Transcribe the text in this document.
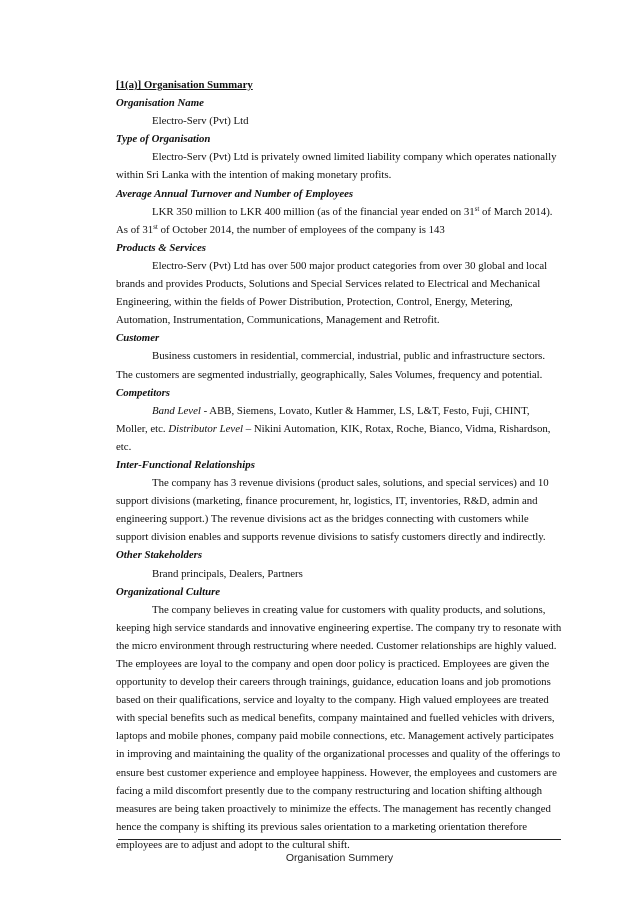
[1(a)] Organisation Summary
Organisation Name
Electro-Serv (Pvt) Ltd
Type of Organisation
Electro-Serv (Pvt) Ltd is privately owned limited liability company which operates nationally within Sri Lanka with the intention of making monetary profits.
Average Annual Turnover and Number of Employees
LKR 350 million to LKR 400 million (as of the financial year ended on 31st of March 2014). As of 31st of October 2014, the number of employees of the company is 143
Products & Services
Electro-Serv (Pvt) Ltd has over 500 major product categories from over 30 global and local brands and provides Products, Solutions and Special Services related to Electrical and Mechanical Engineering, within the fields of Power Distribution, Protection, Control, Energy, Metering, Automation, Instrumentation, Communications, Management and Retrofit.
Customer
Business customers in residential, commercial, industrial, public and infrastructure sectors. The customers are segmented industrially, geographically, Sales Volumes, frequency and potential.
Competitors
Band Level - ABB, Siemens, Lovato, Kutler & Hammer, LS, L&T, Festo, Fuji, CHINT, Moller, etc. Distributor Level – Nikini Automation, KIK, Rotax, Roche, Bianco, Vidma, Rishardson, etc.
Inter-Functional Relationships
The company has 3 revenue divisions (product sales, solutions, and special services) and 10 support divisions (marketing, finance procurement, hr, logistics, IT, inventories, R&D, admin and engineering support.) The revenue divisions act as the bridges connecting with customers while support division enables and supports revenue divisions to satisfy customers directly and indirectly.
Other Stakeholders
Brand principals, Dealers, Partners
Organizational Culture
The company believes in creating value for customers with quality products, and solutions, keeping high service standards and innovative engineering expertise. The company try to resonate with the micro environment through restructuring where needed. Customer relationships are highly valued. The employees are loyal to the company and open door policy is practiced. Employees are given the opportunity to develop their careers through trainings, guidance, education loans and job promotions based on their qualifications, service and loyalty to the company. High valued employees are treated with special benefits such as medical benefits, company maintained and fuelled vehicles with drivers, laptops and mobile phones, company paid mobile connections, etc. Management actively participates in improving and maintaining the quality of the organizational processes and quality of the offerings to ensure best customer experience and employee happiness. However, the employees and customers are facing a mild discomfort presently due to the company restructuring and location shifting although measures are being taken proactively to minimize the effects. The management has recently changed hence the company is shifting its previous sales orientation to a marketing orientation therefore employees are to adjust and adopt to the cultural shift.
Organisation Summery
